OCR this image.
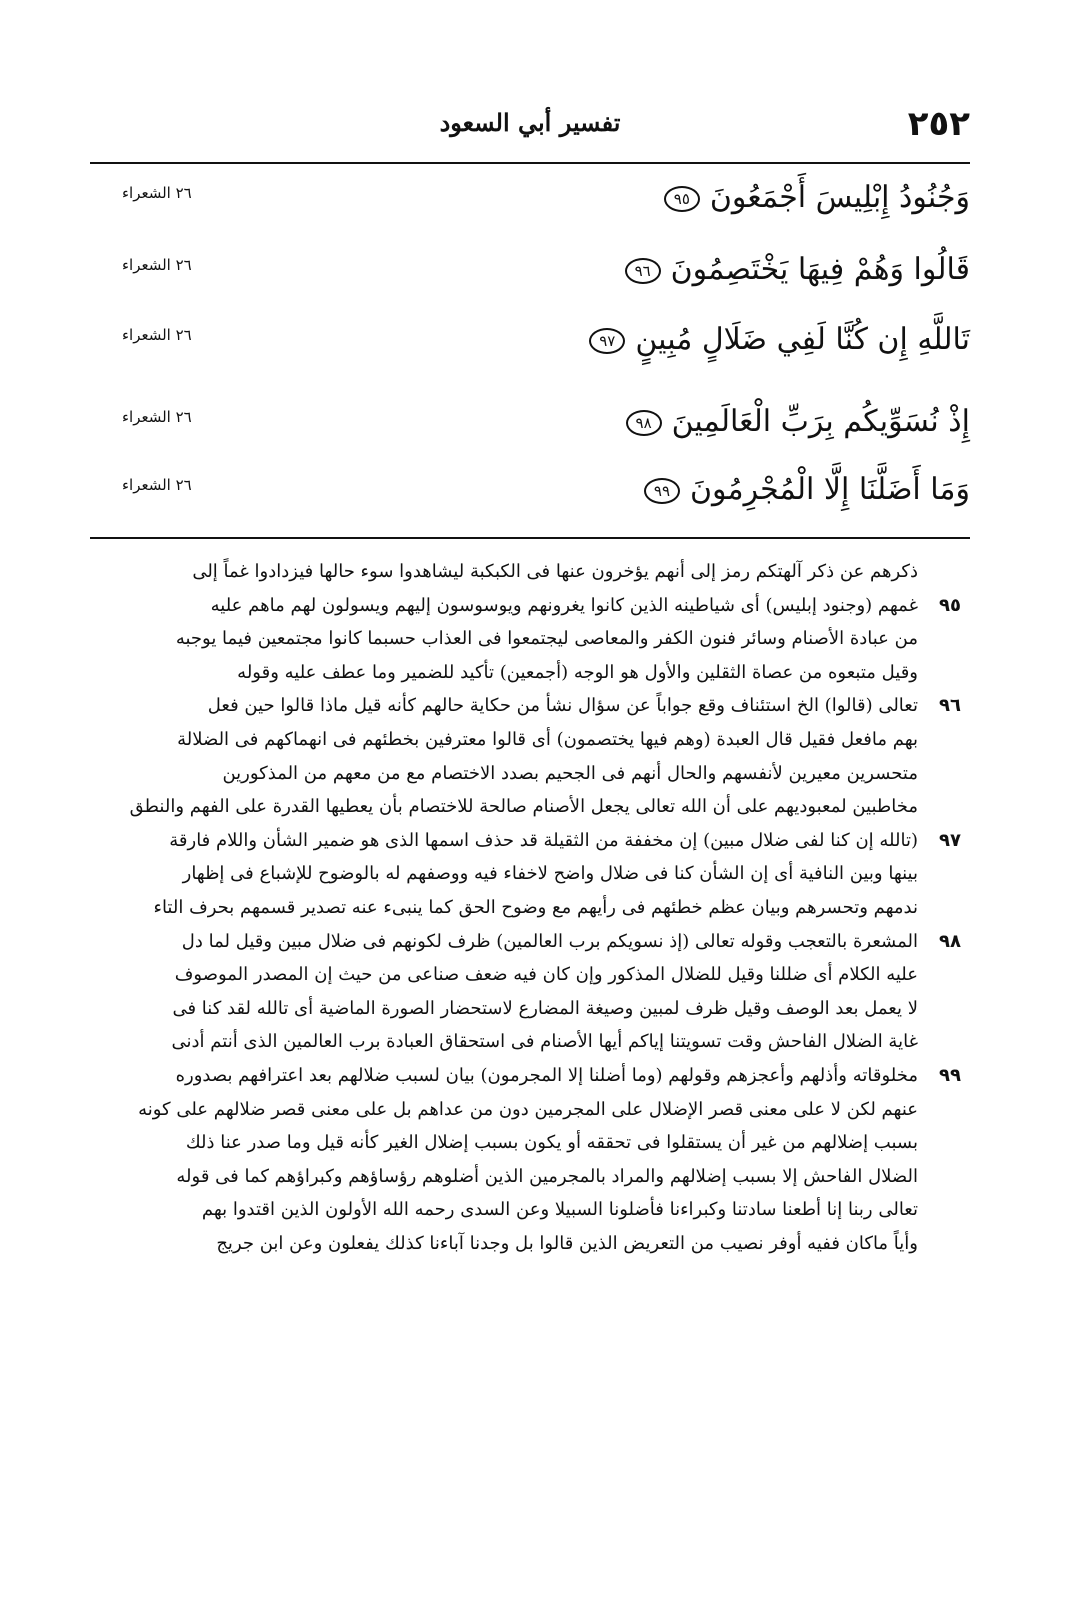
٢٥٢
تفسير أبي السعود
وَجُنُودُ إِبْلِيسَ أَجْمَعُونَ٩٥
٢٦ الشعراء
قَالُوا وَهُمْ فِيهَا يَخْتَصِمُونَ٩٦
٢٦ الشعراء
تَاللَّهِ إِن كُنَّا لَفِي ضَلَالٍ مُبِينٍ٩٧
٢٦ الشعراء
إِذْ نُسَوِّيكُم بِرَبِّ الْعَالَمِينَ٩٨
٢٦ الشعراء
وَمَا أَضَلَّنَا إِلَّا الْمُجْرِمُونَ٩٩
٢٦ الشعراء
ذكرهم عن ذكر آلهتكم رمز إلى أنهم يؤخرون عنها فى الكبكبة ليشاهدوا سوء حالها فيزدادوا غماً إلى
٩٥
غمهم (وجنود إبليس) أى شياطينه الذين كانوا يغرونهم ويوسوسون إليهم ويسولون لهم ماهم عليه
من عبادة الأصنام وسائر فنون الكفر والمعاصى ليجتمعوا فى العذاب حسبما كانوا مجتمعين فيما يوجبه
وقيل متبعوه من عصاة الثقلين والأول هو الوجه (أجمعين) تأكيد للضمير وما عطف عليه وقوله
٩٦
تعالى (قالوا) الخ استئناف وقع جواباً عن سؤال نشأ من حكاية حالهم كأنه قيل ماذا قالوا حين فعل
بهم مافعل فقيل قال العبدة (وهم فيها يختصمون) أى قالوا معترفين بخطئهم فى انهماكهم فى الضلالة
متحسرين معيرين لأنفسهم والحال أنهم فى الجحيم بصدد الاختصام مع من معهم من المذكورين
مخاطبين لمعبوديهم على أن الله تعالى يجعل الأصنام صالحة للاختصام بأن يعطيها القدرة على الفهم والنطق
٩٧
(تالله إن كنا لفى ضلال مبين) إن مخففة من الثقيلة قد حذف اسمها الذى هو ضمير الشأن واللام فارقة
بينها وبين النافية أى إن الشأن كنا فى ضلال واضح لاخفاء فيه ووصفهم له بالوضوح للإشباع فى إظهار
ندمهم وتحسرهم وبيان عظم خطئهم فى رأيهم مع وضوح الحق كما ينبىء عنه تصدير قسمهم بحرف التاء
٩٨
المشعرة بالتعجب وقوله تعالى (إذ نسويكم برب العالمين) ظرف لكونهم فى ضلال مبين وقيل لما دل
عليه الكلام أى ضللنا وقيل للضلال المذكور وإن كان فيه ضعف صناعى من حيث إن المصدر الموصوف
لا يعمل بعد الوصف وقيل ظرف لمبين وصيغة المضارع لاستحضار الصورة الماضية أى تالله لقد كنا فى
غاية الضلال الفاحش وقت تسويتنا إياكم أيها الأصنام فى استحقاق العبادة برب العالمين الذى أنتم أدنى
٩٩
مخلوقاته وأذلهم وأعجزهم وقولهم (وما أضلنا إلا المجرمون) بيان لسبب ضلالهم بعد اعترافهم بصدوره
عنهم لكن لا على معنى قصر الإضلال على المجرمين دون من عداهم بل على معنى قصر ضلالهم على كونه
بسبب إضلالهم من غير أن يستقلوا فى تحققه أو يكون بسبب إضلال الغير كأنه قيل وما صدر عنا ذلك
الضلال الفاحش إلا بسبب إضلالهم والمراد بالمجرمين الذين أضلوهم رؤساؤهم وكبراؤهم كما فى قوله
تعالى ربنا إنا أطعنا سادتنا وكبراءنا فأضلونا السبيلا وعن السدى رحمه الله الأولون الذين اقتدوا بهم
وأياً ماكان ففيه أوفر نصيب من التعريض الذين قالوا بل وجدنا آباءنا كذلك يفعلون وعن ابن جريج
